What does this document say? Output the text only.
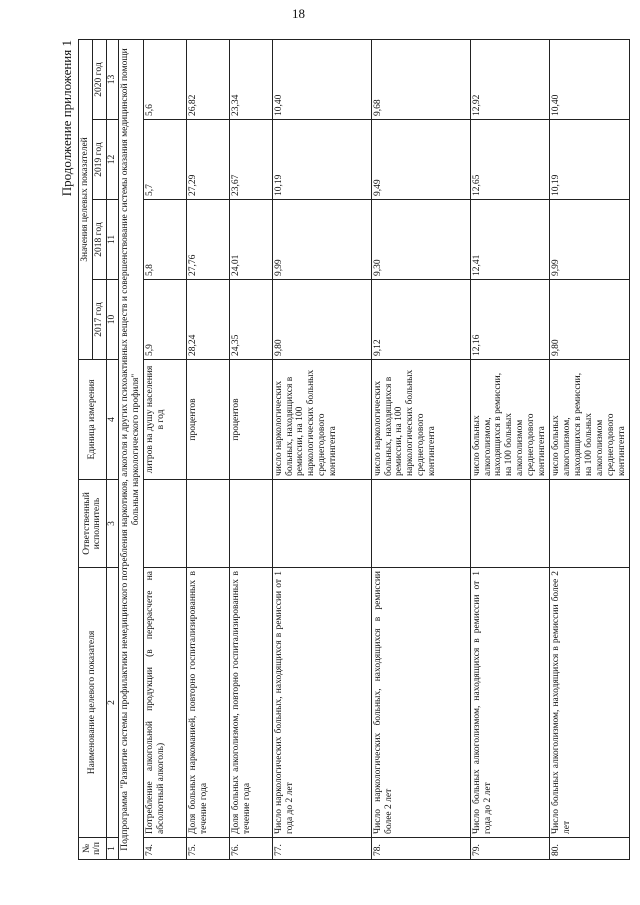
18
Продолжение приложения 1
№ п/п	Наименование целевого показателя	Ответственный исполнитель	Единица измерения	Значения целевых показателей			
				2017 год	2018 год	2019 год	2020 год
1	2	3	4	10	11	12	13
Подпрограмма "Развитие системы профилактики немедицинского потребления наркотиков, алкоголя и других психоактивных веществ и совершенствование системы оказания медицинской помощи больным наркологического профиля"							
74.	Потребление алкогольной продукции (в перерасчете на абсолютный алкоголь)		литров на душу населения в год	5,9	5,8	5,7	5,6
75.	Доля больных наркоманией, повторно госпитализированных в течение года		процентов	28,24	27,76	27,29	26,82
76.	Доля больных алкоголизмом, повторно госпитализированных в течение года		процентов	24,35	24,01	23,67	23,34
77.	Число наркологических больных, находящихся в ремиссии от 1 года до 2 лет		число наркологических больных, находящихся в ремиссии, на 100 наркологических больных среднегодового контингента	9,80	9,99	10,19	10,40
78.	Число наркологических больных, находящихся в ремиссии более 2 лет		число наркологических больных, находящихся в ремиссии, на 100 наркологических больных среднегодового контингента	9,12	9,30	9,49	9,68
79.	Число больных алкоголизмом, находящихся в ремиссии от 1 года до 2 лет		число больных алкоголизмом, находящихся в ремиссии, на 100 больных алкоголизмом среднегодового контингента	12,16	12,41	12,65	12,92
80.	Число больных алкоголизмом, находящихся в ремиссии более 2 лет		число больных алкоголизмом, находящихся в ремиссии, на 100 больных алкоголизмом среднегодового контингента	9,80	9,99	10,19	10,40
